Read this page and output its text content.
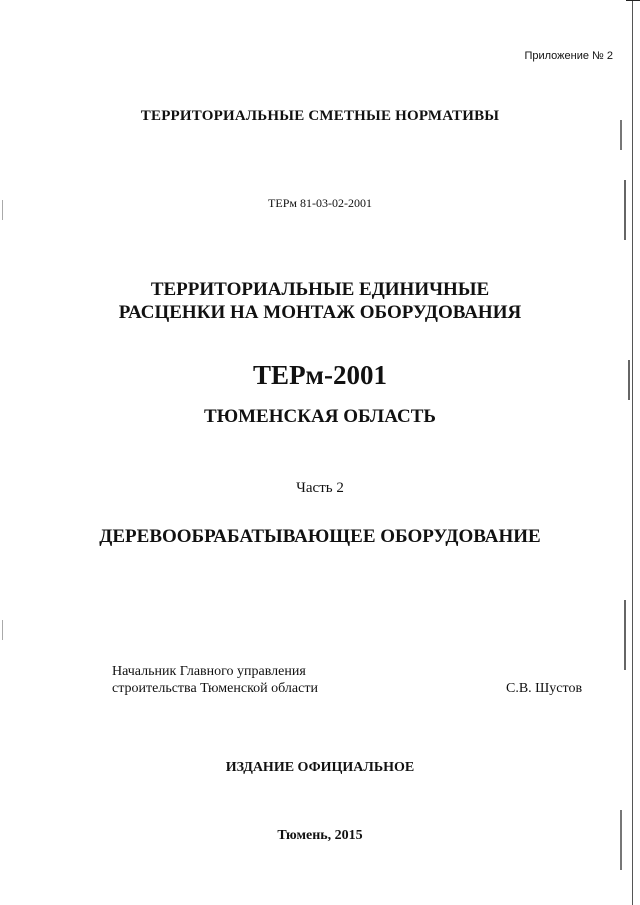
Приложение № 2
ТЕРРИТОРИАЛЬНЫЕ СМЕТНЫЕ НОРМАТИВЫ
ТЕРм 81-03-02-2001
ТЕРРИТОРИАЛЬНЫЕ ЕДИНИЧНЫЕ
РАСЦЕНКИ НА МОНТАЖ ОБОРУДОВАНИЯ
ТЕРм-2001
ТЮМЕНСКАЯ ОБЛАСТЬ
Часть 2
ДЕРЕВООБРАБАТЫВАЮЩЕЕ ОБОРУДОВАНИЕ
Начальник Главного управления
строительства Тюменской области	С.В. Шустов
ИЗДАНИЕ ОФИЦИАЛЬНОЕ
Тюмень, 2015
